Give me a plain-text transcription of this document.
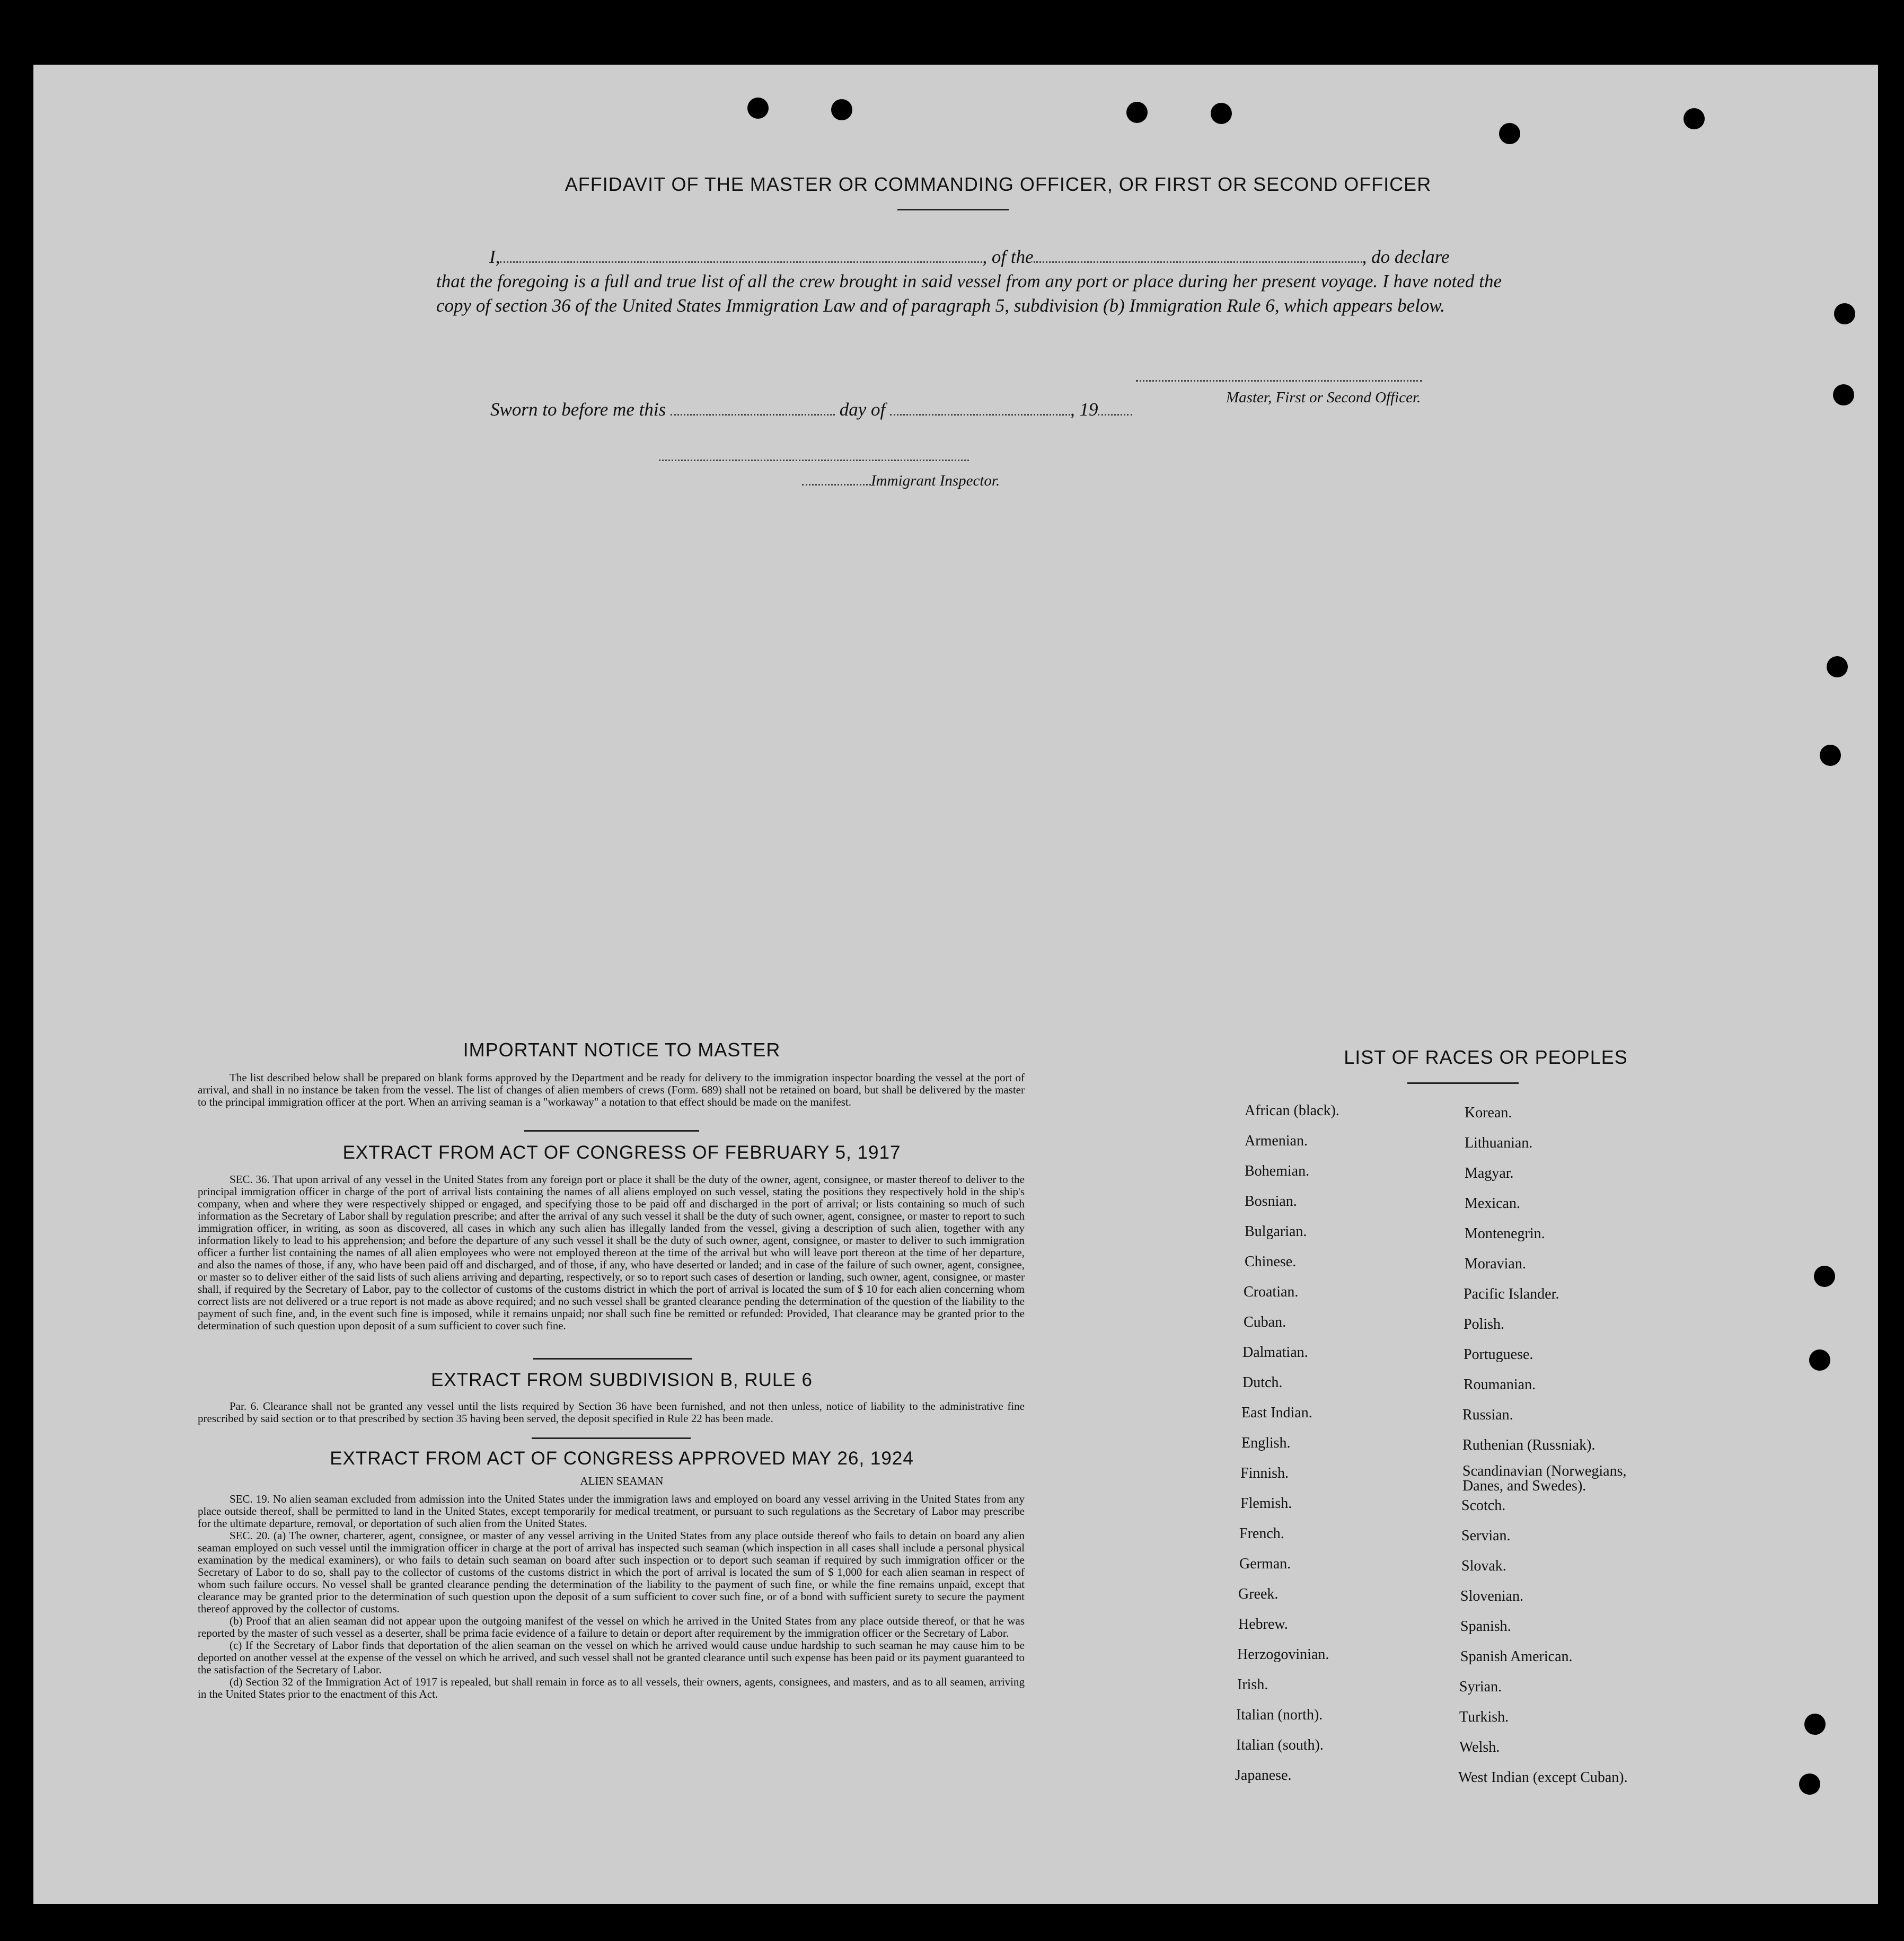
AFFIDAVIT OF THE MASTER OR COMMANDING OFFICER, OR FIRST OR SECOND OFFICER
I,	, of the	, do declare
that the foregoing is a full and true list of all the crew brought in said vessel from any port or place during her present voyage. I have noted the copy of section 36 of the United States Immigration Law and of paragraph 5, subdivision (b) Immigration Rule 6, which appears below.
Master, First or Second Officer.
Sworn to before me this	day of	, 19
Immigrant Inspector.
IMPORTANT NOTICE TO MASTER
The list described below shall be prepared on blank forms approved by the Department and be ready for delivery to the immigration inspector boarding the vessel at the port of arrival, and shall in no instance be taken from the vessel. The list of changes of alien members of crews (Form. 689) shall not be retained on board, but shall be delivered by the master to the principal immigration officer at the port. When an arriving seaman is a "workaway" a notation to that effect should be made on the manifest.
EXTRACT FROM ACT OF CONGRESS OF FEBRUARY 5, 1917
SEC. 36. That upon arrival of any vessel in the United States from any foreign port or place it shall be the duty of the owner, agent, consignee, or master thereof to deliver to the principal immigration officer in charge of the port of arrival lists containing the names of all aliens employed on such vessel, stating the positions they respectively hold in the ship's company, when and where they were respectively shipped or engaged, and specifying those to be paid off and discharged in the port of arrival; or lists containing so much of such information as the Secretary of Labor shall by regulation prescribe; and after the arrival of any such vessel it shall be the duty of such owner, agent, consignee, or master to report to such immigration officer, in writing, as soon as discovered, all cases in which any such alien has illegally landed from the vessel, giving a description of such alien, together with any information likely to lead to his apprehension; and before the departure of any such vessel it shall be the duty of such owner, agent, consignee, or master to deliver to such immigration officer a further list containing the names of all alien employees who were not employed thereon at the time of the arrival but who will leave port thereon at the time of her departure, and also the names of those, if any, who have been paid off and discharged, and of those, if any, who have deserted or landed; and in case of the failure of such owner, agent, consignee, or master so to deliver either of the said lists of such aliens arriving and departing, respectively, or so to report such cases of desertion or landing, such owner, agent, consignee, or master shall, if required by the Secretary of Labor, pay to the collector of customs of the customs district in which the port of arrival is located the sum of $ 10 for each alien concerning whom correct lists are not delivered or a true report is not made as above required; and no such vessel shall be granted clearance pending the determination of the question of the liability to the payment of such fine, and, in the event such fine is imposed, while it remains unpaid; nor shall such fine be remitted or refunded: Provided, That clearance may be granted prior to the determination of such question upon deposit of a sum sufficient to cover such fine.
EXTRACT FROM SUBDIVISION B, RULE 6
Par. 6. Clearance shall not be granted any vessel until the lists required by Section 36 have been furnished, and not then unless, notice of liability to the administrative fine prescribed by said section or to that prescribed by section 35 having been served, the deposit specified in Rule 22 has been made.
EXTRACT FROM ACT OF CONGRESS APPROVED MAY 26, 1924
ALIEN SEAMAN
SEC. 19. No alien seaman excluded from admission into the United States under the immigration laws and employed on board any vessel arriving in the United States from any place outside thereof, shall be permitted to land in the United States, except temporarily for medical treatment, or pursuant to such regulations as the Secretary of Labor may prescribe for the ultimate departure, removal, or deportation of such alien from the United States.
SEC. 20. (a) The owner, charterer, agent, consignee, or master of any vessel arriving in the United States from any place outside thereof who fails to detain on board any alien seaman employed on such vessel until the immigration officer in charge at the port of arrival has inspected such seaman (which inspection in all cases shall include a personal physical examination by the medical examiners), or who fails to detain such seaman on board after such inspection or to deport such seaman if required by such immigration officer or the Secretary of Labor to do so, shall pay to the collector of customs of the customs district in which the port of arrival is located the sum of $ 1,000 for each alien seaman in respect of whom such failure occurs. No vessel shall be granted clearance pending the determination of the liability to the payment of such fine, or while the fine remains unpaid, except that clearance may be granted prior to the determination of such question upon the deposit of a sum sufficient to cover such fine, or of a bond with sufficient surety to secure the payment thereof approved by the collector of customs.
(b) Proof that an alien seaman did not appear upon the outgoing manifest of the vessel on which he arrived in the United States from any place outside thereof, or that he was reported by the master of such vessel as a deserter, shall be prima facie evidence of a failure to detain or deport after requirement by the immigration officer or the Secretary of Labor.
(c) If the Secretary of Labor finds that deportation of the alien seaman on the vessel on which he arrived would cause undue hardship to such seaman he may cause him to be deported on another vessel at the expense of the vessel on which he arrived, and such vessel shall not be granted clearance until such expense has been paid or its payment guaranteed to the satisfaction of the Secretary of Labor.
(d) Section 32 of the Immigration Act of 1917 is repealed, but shall remain in force as to all vessels, their owners, agents, consignees, and masters, and as to all seamen, arriving in the United States prior to the enactment of this Act.
LIST OF RACES OR PEOPLES
African (black).
Armenian.
Bohemian.
Bosnian.
Bulgarian.
Chinese.
Croatian.
Cuban.
Dalmatian.
Dutch.
East Indian.
English.
Finnish.
Flemish.
French.
German.
Greek.
Hebrew.
Herzogovinian.
Irish.
Italian (north).
Italian (south).
Japanese.
Korean.
Lithuanian.
Magyar.
Mexican.
Montenegrin.
Moravian.
Pacific Islander.
Polish.
Portuguese.
Roumanian.
Russian.
Ruthenian (Russniak).
Scandinavian (Norwegians, Danes, and Swedes).
Scotch.
Servian.
Slovak.
Slovenian.
Spanish.
Spanish American.
Syrian.
Turkish.
Welsh.
West Indian (except Cuban).
